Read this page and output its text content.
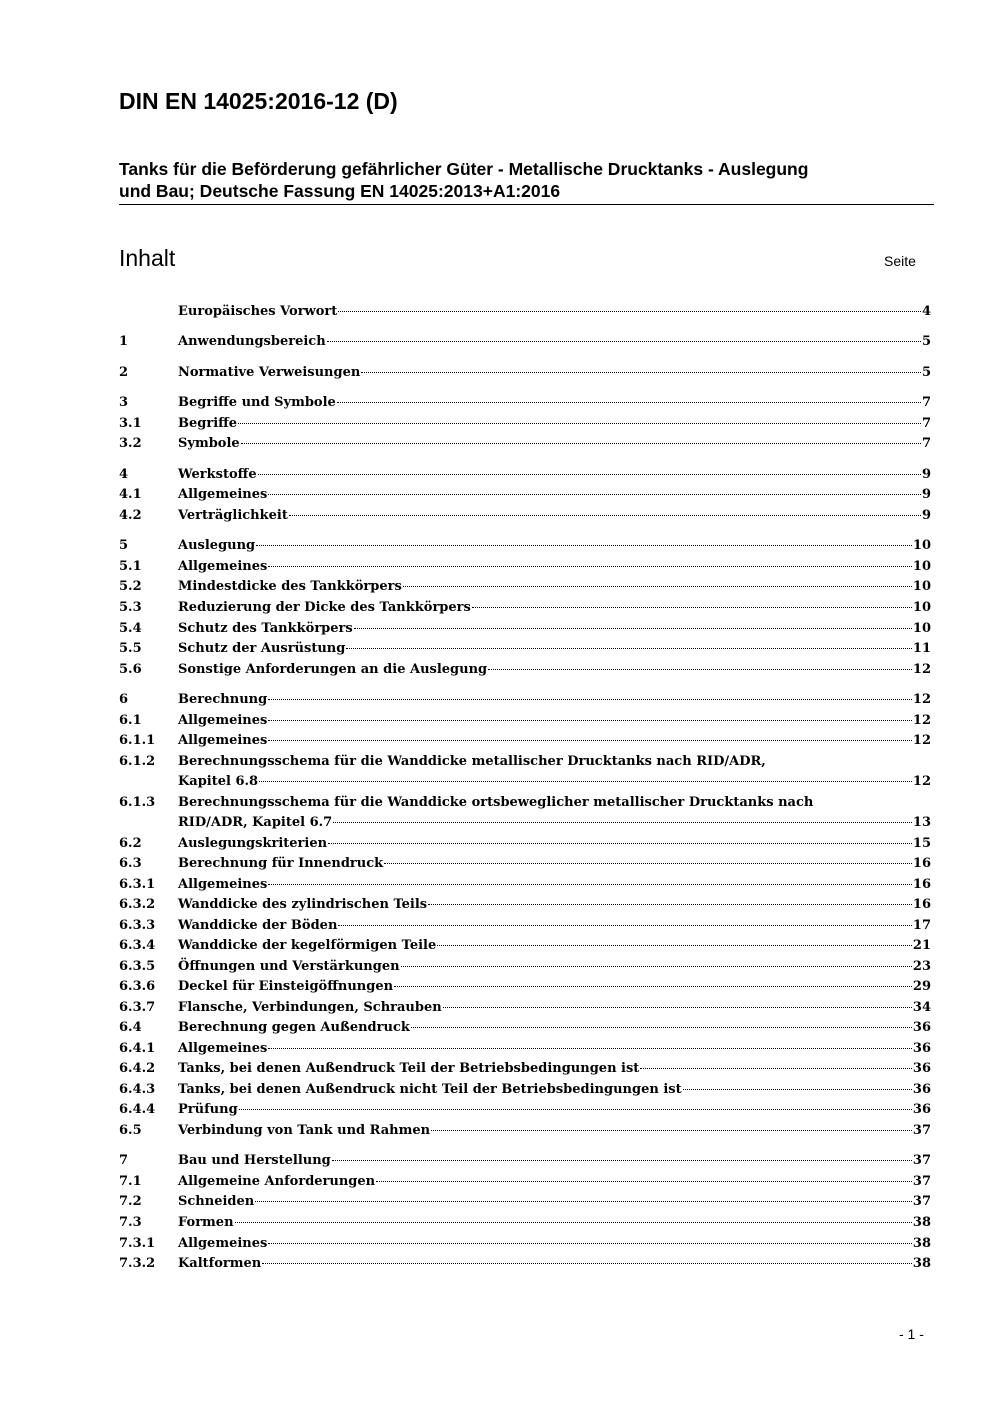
DIN EN 14025:2016-12 (D)
Tanks für die Beförderung gefährlicher Güter - Metallische Drucktanks - Auslegung
und Bau; Deutsche Fassung EN 14025:2013+A1:2016
Inhalt	Seite
Europäisches Vorwort	4
1	Anwendungsbereich	5
2	Normative Verweisungen	5
3	Begriffe und Symbole	7
3.1	Begriffe	7
3.2	Symbole	7
4	Werkstoffe	9
4.1	Allgemeines	9
4.2	Verträglichkeit	9
5	Auslegung	10
5.1	Allgemeines	10
5.2	Mindestdicke des Tankkörpers	10
5.3	Reduzierung der Dicke des Tankkörpers	10
5.4	Schutz des Tankkörpers	10
5.5	Schutz der Ausrüstung	11
5.6	Sonstige Anforderungen an die Auslegung	12
6	Berechnung	12
6.1	Allgemeines	12
6.1.1	Allgemeines	12
6.1.2	Berechnungsschema für die Wanddicke metallischer Drucktanks nach RID/ADR,
Kapitel 6.8	12
6.1.3	Berechnungsschema für die Wanddicke ortsbeweglicher metallischer Drucktanks nach
RID/ADR, Kapitel 6.7	13
6.2	Auslegungskriterien	15
6.3	Berechnung für Innendruck	16
6.3.1	Allgemeines	16
6.3.2	Wanddicke des zylindrischen Teils	16
6.3.3	Wanddicke der Böden	17
6.3.4	Wanddicke der kegelförmigen Teile	21
6.3.5	Öffnungen und Verstärkungen	23
6.3.6	Deckel für Einsteigöffnungen	29
6.3.7	Flansche, Verbindungen, Schrauben	34
6.4	Berechnung gegen Außendruck	36
6.4.1	Allgemeines	36
6.4.2	Tanks, bei denen Außendruck Teil der Betriebsbedingungen ist	36
6.4.3	Tanks, bei denen Außendruck nicht Teil der Betriebsbedingungen ist	36
6.4.4	Prüfung	36
6.5	Verbindung von Tank und Rahmen	37
7	Bau und Herstellung	37
7.1	Allgemeine Anforderungen	37
7.2	Schneiden	37
7.3	Formen	38
7.3.1	Allgemeines	38
7.3.2	Kaltformen	38
- 1 -
